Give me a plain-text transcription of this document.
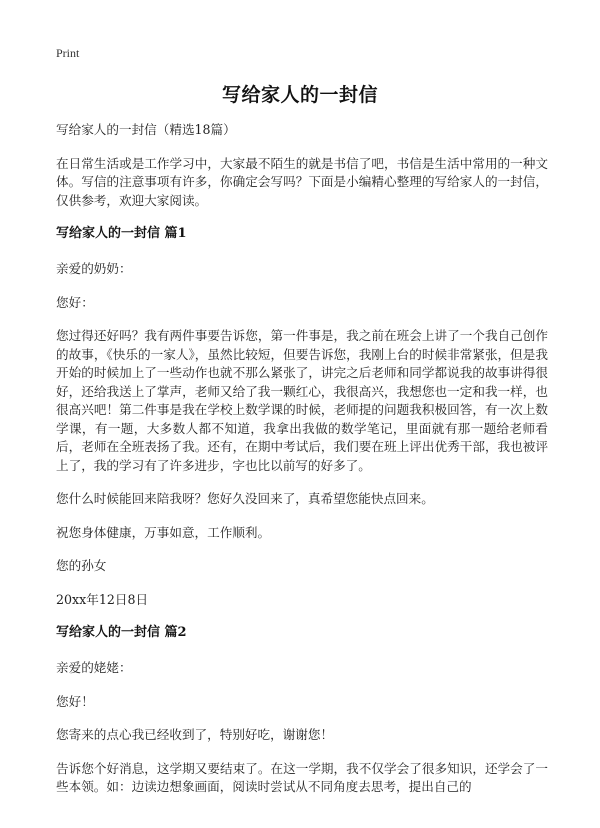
Print
写给家人的一封信

写给家人的一封信（精选18篇）

在日常生活或是工作学习中，大家最不陌生的就是书信了吧，书信是生活中常用的一种文体。写信的注意事项有许多，你确定会写吗？下面是小编精心整理的写给家人的一封信，仅供参考，欢迎大家阅读。

写给家人的一封信 篇1

亲爱的奶奶：

您好：

您过得还好吗？我有两件事要告诉您，第一件事是，我之前在班会上讲了一个我自己创作的故事，《快乐的一家人》，虽然比较短，但要告诉您，我刚上台的时候非常紧张，但是我开始的时候加上了一些动作也就不那么紧张了，讲完之后老师和同学都说我的故事讲得很好，还给我送上了掌声，老师又给了我一颗红心，我很高兴，我想您也一定和我一样，也很高兴吧！第二件事是我在学校上数学课的时候，老师提的问题我积极回答，有一次上数学课，有一题，大多数人都不知道，我拿出我做的数学笔记，里面就有那一题给老师看后，老师在全班表扬了我。还有，在期中考试后，我们要在班上评出优秀干部，我也被评上了，我的学习有了许多进步，字也比以前写的好多了。

您什么时候能回来陪我呀？您好久没回来了，真希望您能快点回来。

祝您身体健康，万事如意，工作顺利。

您的孙女

20xx年12日8日

写给家人的一封信 篇2

亲爱的姥姥：

您好！

您寄来的点心我已经收到了，特别好吃，谢谢您！

告诉您个好消息，这学期又要结束了。在这一学期，我不仅学会了很多知识，还学会了一些本领。如：边读边想象画面，阅读时尝试从不同角度去思考，提出自己的
